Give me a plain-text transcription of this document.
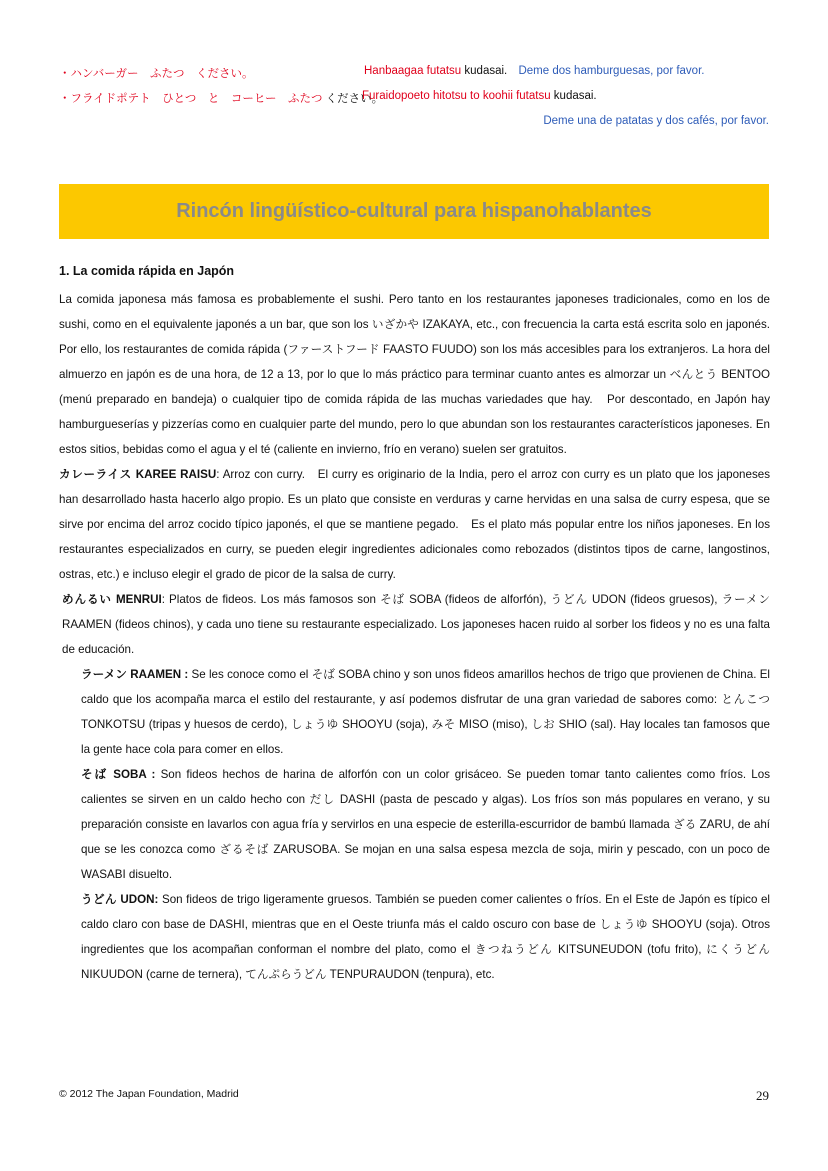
・ハンバーガー　ふたつ　ください。	Hanbaagaa futatsu kudasai. Deme dos hamburguesas, por favor.
・フライドポテト　ひとつ　と　コーヒー　ふたつ ください。
Furaidopoeto hitotsu to koohii futatsu kudasai.
Deme una de patatas y dos cafés, por favor.
Rincón lingüístico-cultural para hispanohablantes
1. La comida rápida en Japón

La comida japonesa más famosa es probablemente el sushi. Pero tanto en los restaurantes japoneses tradicionales, como en los de sushi, como en el equivalente japonés a un bar, que son los いざかや IZAKAYA, etc., con frecuencia la carta está escrita solo en japonés. Por ello, los restaurantes de comida rápida (ファーストフード FAASTO FUUDO) son los más accesibles para los extranjeros. La hora del almuerzo en japón es de una hora, de 12 a 13, por lo que lo más práctico para terminar cuanto antes es almorzar un べんとう BENTOO (menú preparado en bandeja) o cualquier tipo de comida rápida de las muchas variedades que hay.　Por descontado, en Japón hay hamburgueserías y pizzerías como en cualquier parte del mundo, pero lo que abundan son los restaurantes característicos japoneses. En estos sitios, bebidas como el agua y el té (caliente en invierno, frío en verano) suelen ser gratuitos.

カレーライス KAREE RAISU: Arroz con curry.　El curry es originario de la India, pero el arroz con curry es un plato que los japoneses han desarrollado hasta hacerlo algo propio. Es un plato que consiste en verduras y carne hervidas en una salsa de curry espesa, que se sirve por encima del arroz cocido típico japonés, el que se mantiene pegado.　Es el plato más popular entre los niños japoneses. En los restaurantes especializados en curry, se pueden elegir ingredientes adicionales como rebozados (distintos tipos de carne, langostinos, ostras, etc.) e incluso elegir el grado de picor de la salsa de curry.

めんるい MENRUI: Platos de fideos. Los más famosos son そば SOBA (fideos de alforfón), うどん UDON (fideos gruesos), ラーメン RAAMEN (fideos chinos), y cada uno tiene su restaurante especializado. Los japoneses hacen ruido al sorber los fideos y no es una falta de educación.

ラーメン RAAMEN : Se les conoce como el そば SOBA chino y son unos fideos amarillos hechos de trigo que provienen de China. El caldo que los acompaña marca el estilo del restaurante, y así podemos disfrutar de una gran variedad de sabores como: とんこつ TONKOTSU (tripas y huesos de cerdo), しょうゆ SHOOYU (soja), みそ MISO (miso), しお SHIO (sal). Hay locales tan famosos que la gente hace cola para comer en ellos.

そば SOBA : Son fideos hechos de harina de alforfón con un color grisáceo. Se pueden tomar tanto calientes como fríos. Los calientes se sirven en un caldo hecho con だし DASHI (pasta de pescado y algas). Los fríos son más populares en verano, y su preparación consiste en lavarlos con agua fría y servirlos en una especie de esterilla-escurridor de bambú llamada ざる ZARU, de ahí que se les conozca como ざるそば ZARUSOBA. Se mojan en una salsa espesa mezcla de soja, mirin y pescado, con un poco de WASABI disuelto.

うどん UDON: Son fideos de trigo ligeramente gruesos. También se pueden comer calientes o fríos. En el Este de Japón es típico el caldo claro con base de DASHI, mientras que en el Oeste triunfa más el caldo oscuro con base de しょうゆ SHOOYU (soja). Otros ingredientes que los acompañan conforman el nombre del plato, como el きつねうどん KITSUNEUDON (tofu frito), にくうどん NIKUUDON (carne de ternera), てんぷらうどん TENPURAUDON (tenpura), etc.

© 2012 The Japan Foundation, Madrid	29
